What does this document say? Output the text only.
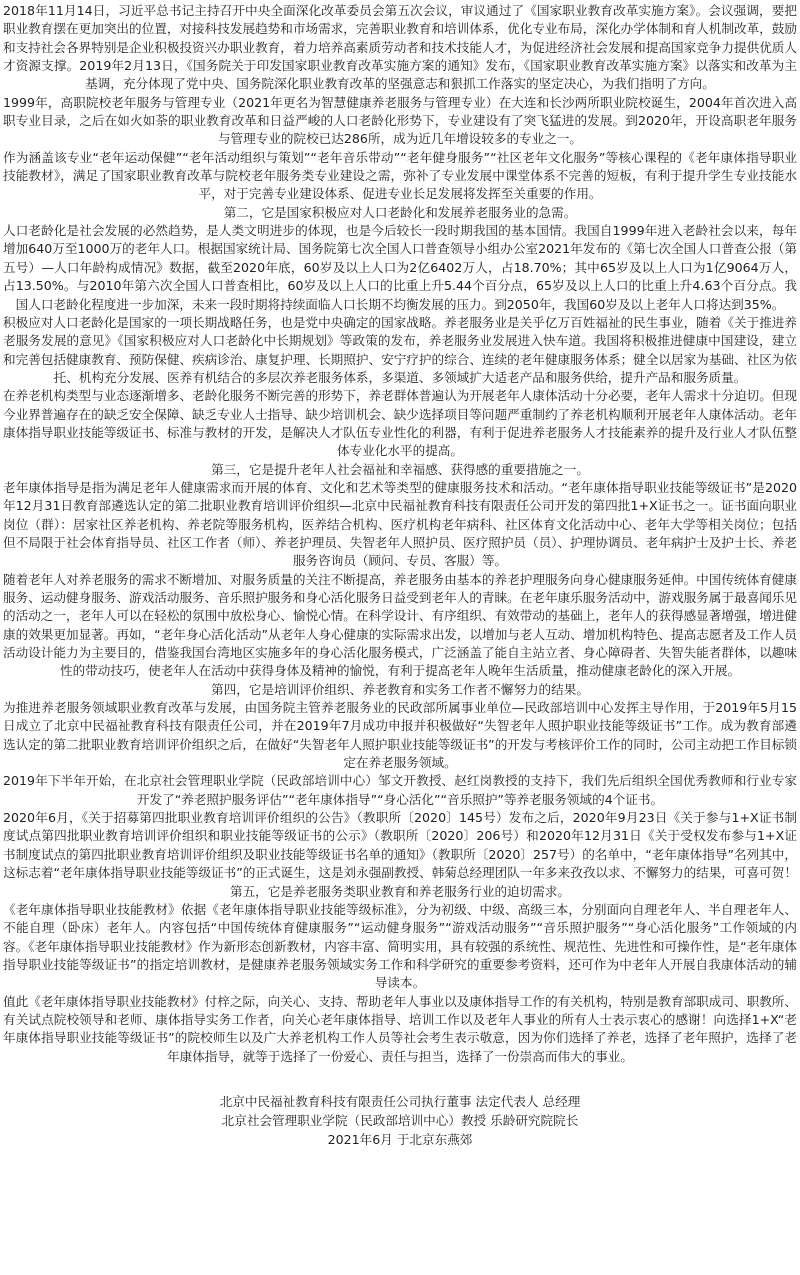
2018年11月14日，习近平总书记主持召开中央全面深化改革委员会第五次会议，审议通过了《国家职业教育改革实施方案》。会议强调，要把职业教育摆在更加突出的位置，对接科技发展趋势和市场需求，完善职业教育和培训体系，优化专业布局，深化办学体制和育人机制改革，鼓励和支持社会各界特别是企业积极投资兴办职业教育，着力培养高素质劳动者和技术技能人才，为促进经济社会发展和提高国家竞争力提供优质人才资源支撑。2019年2月13日，《国务院关于印发国家职业教育改革实施方案的通知》发布，《国家职业教育改革实施方案》以落实和改革为主基调，充分体现了党中央、国务院深化职业教育改革的坚强意志和狠抓工作落实的坚定决心，为我们指明了方向。

1999年，高职院校老年服务与管理专业（2021年更名为智慧健康养老服务与管理专业）在大连和长沙两所职业院校诞生，2004年首次进入高职专业目录，之后在如火如荼的职业教育改革和日益严峻的人口老龄化形势下，专业建设有了突飞猛进的发展。到2020年，开设高职老年服务与管理专业的院校已达286所，成为近几年增设较多的专业之一。

作为涵盖该专业“老年运动保健”“老年活动组织与策划”“老年音乐带动”“老年健身服务”“社区老年文化服务”等核心课程的《老年康体指导职业技能教材》，满足了国家职业教育改革与院校老年服务类专业建设之需，弥补了专业发展中课堂体系不完善的短板，有利于提升学生专业技能水平，对于完善专业建设体系、促进专业长足发展将发挥至关重要的作用。

第二，它是国家积极应对人口老龄化和发展养老服务业的急需。

人口老龄化是社会发展的必然趋势，是人类文明进步的体现，也是今后较长一段时期我国的基本国情。我国自1999年进入老龄社会以来，每年增加640万至1000万的老年人口。根据国家统计局、国务院第七次全国人口普查领导小组办公室2021年发布的《第七次全国人口普查公报（第五号）—人口年龄构成情况》数据，截至2020年底，60岁及以上人口为2亿6402万人，占18.70%；其中65岁及以上人口为1亿9064万人，占13.50%。与2010年第六次全国人口普查相比，60岁及以上人口的比重上升5.44个百分点，65岁及以上人口的比重上升4.63个百分点。我国人口老龄化程度进一步加深，未来一段时期将持续面临人口长期不均衡发展的压力。到2050年，我国60岁及以上老年人口将达到35%。

积极应对人口老龄化是国家的一项长期战略任务，也是党中央确定的国家战略。养老服务业是关乎亿万百姓福祉的民生事业，随着《关于推进养老服务发展的意见》《国家积极应对人口老龄化中长期规划》等政策的发布，养老服务业发展进入快车道。我国将积极推进健康中国建设，建立和完善包括健康教育、预防保健、疾病诊治、康复护理、长期照护、安宁疗护的综合、连续的老年健康服务体系；健全以居家为基础、社区为依托、机构充分发展、医养有机结合的多层次养老服务体系，多渠道、多领域扩大适老产品和服务供给，提升产品和服务质量。

在养老机构类型与业态逐渐增多、老龄化服务不断完善的形势下，养老群体普遍认为开展老年人康体活动十分必要，老年人需求十分迫切。但现今业界普遍存在的缺乏安全保障、缺乏专业人士指导、缺少培训机会、缺少选择项目等问题严重制约了养老机构顺利开展老年人康体活动。老年康体指导职业技能等级证书、标准与教材的开发，是解决人才队伍专业性化的利器，有利于促进养老服务人才技能素养的提升及行业人才队伍整体专业化水平的提高。

第三，它是提升老年人社会福祉和幸福感、获得感的重要措施之一。

老年康体指导是指为满足老年人健康需求而开展的体育、文化和艺术等类型的健康服务技术和活动。“老年康体指导职业技能等级证书”是2020年12月31日教育部遴选认定的第二批职业教育培训评价组织—北京中民福祉教育科技有限责任公司开发的第四批1+X证书之一。证书面向职业岗位（群）：居家社区养老机构、养老院等服务机构，医养结合机构、医疗机构老年病科、社区体育文化活动中心、老年大学等相关岗位；包括但不局限于社会体育指导员、社区工作者（师）、养老护理员、失智老年人照护员、医疗照护员（员）、护理协调员、老年病护士及护士长、养老服务咨询员（顾问、专员、客服）等。

随着老年人对养老服务的需求不断增加、对服务质量的关注不断提高，养老服务由基本的养老护理服务向身心健康服务延伸。中国传统体育健康服务、运动健身服务、游戏活动服务、音乐照护服务和身心活化服务日益受到老年人的青睐。在老年康乐服务活动中，游戏服务属于最喜闻乐见的活动之一，老年人可以在轻松的氛围中放松身心、愉悦心情。在科学设计、有序组织、有效带动的基础上，老年人的获得感显著增强，增进健康的效果更加显著。再如，“老年身心活化活动”从老年人身心健康的实际需求出发，以增加与老人互动、增加机构特色、提高志愿者及工作人员活动设计能力为主要目的，借鉴我国台湾地区实施多年的身心活化服务模式，广泛涵盖了能自主站立者、身心障碍者、失智失能者群体，以趣味性的带动技巧，使老年人在活动中获得身体及精神的愉悦，有利于提高老年人晚年生活质量，推动健康老龄化的深入开展。

第四，它是培训评价组织、养老教育和实务工作者不懈努力的结果。

为推进养老服务领域职业教育改革与发展，由国务院主管养老服务业的民政部所属事业单位—民政部培训中心发挥主导作用，于2019年5月15日成立了北京中民福祉教育科技有限责任公司，并在2019年7月成功申报并积极做好“失智老年人照护职业技能等级证书”工作。成为教育部遴选认定的第二批职业教育培训评价组织之后，在做好“失智老年人照护职业技能等级证书”的开发与考核评价工作的同时，公司主动把工作目标锁定在养老服务领域。

2019年下半年开始，在北京社会管理职业学院（民政部培训中心）邹文开教授、赵红岗教授的支持下，我们先后组织全国优秀教师和行业专家开发了“养老照护服务评估”“老年康体指导”“身心活化”“音乐照护”等养老服务领域的4个证书。

2020年6月，《关于招募第四批职业教育培训评价组织的公告》（教职所〔2020〕145号）发布之后，2020年9月23日《关于参与1+X证书制度试点第四批职业教育培训评价组织和职业技能等级证书的公示》（教职所〔2020〕206号）和2020年12月31日《关于受权发布参与1+X证书制度试点的第四批职业教育培训评价组织及职业技能等级证书名单的通知》（教职所〔2020〕257号）的名单中，“老年康体指导”名列其中，这标志着“老年康体指导职业技能等级证书”的正式诞生，这是刘永强副教授、韩菊总经理团队一年多来孜孜以求、不懈努力的结果，可喜可贺！

第五，它是养老服务类职业教育和养老服务行业的迫切需求。

《老年康体指导职业技能教材》依据《老年康体指导职业技能等级标准》，分为初级、中级、高级三本，分别面向自理老年人、半自理老年人、不能自理（卧床）老年人。内容包括“中国传统体育健康服务”“运动健身服务”“游戏活动服务”“音乐照护服务”“身心活化服务”工作领域的内容。《老年康体指导职业技能教材》作为新形态创新教材，内容丰富、简明实用，具有较强的系统性、规范性、先进性和可操作性，是“老年康体指导职业技能等级证书”的指定培训教材，是健康养老服务领域实务工作和科学研究的重要参考资料，还可作为中老年人开展自我康体活动的辅导读本。

值此《老年康体指导职业技能教材》付梓之际，向关心、支持、帮助老年人事业以及康体指导工作的有关机构，特别是教育部职成司、职教所、有关试点院校领导和老师、康体指导实务工作者，向关心老年康体指导、培训工作以及老年人事业的所有人士表示衷心的感谢！向选择1+X“老年康体指导职业技能等级证书”的院校师生以及广大养老机构工作人员等社会考生表示敬意，因为你们选择了养老，选择了老年照护，选择了老年康体指导，就等于选择了一份爱心、责任与担当，选择了一份崇高而伟大的事业。

北京中民福祉教育科技有限责任公司执行董事 法定代表人 总经理
北京社会管理职业学院（民政部培训中心）教授 乐龄研究院院长
2021年6月 于北京东燕郊
